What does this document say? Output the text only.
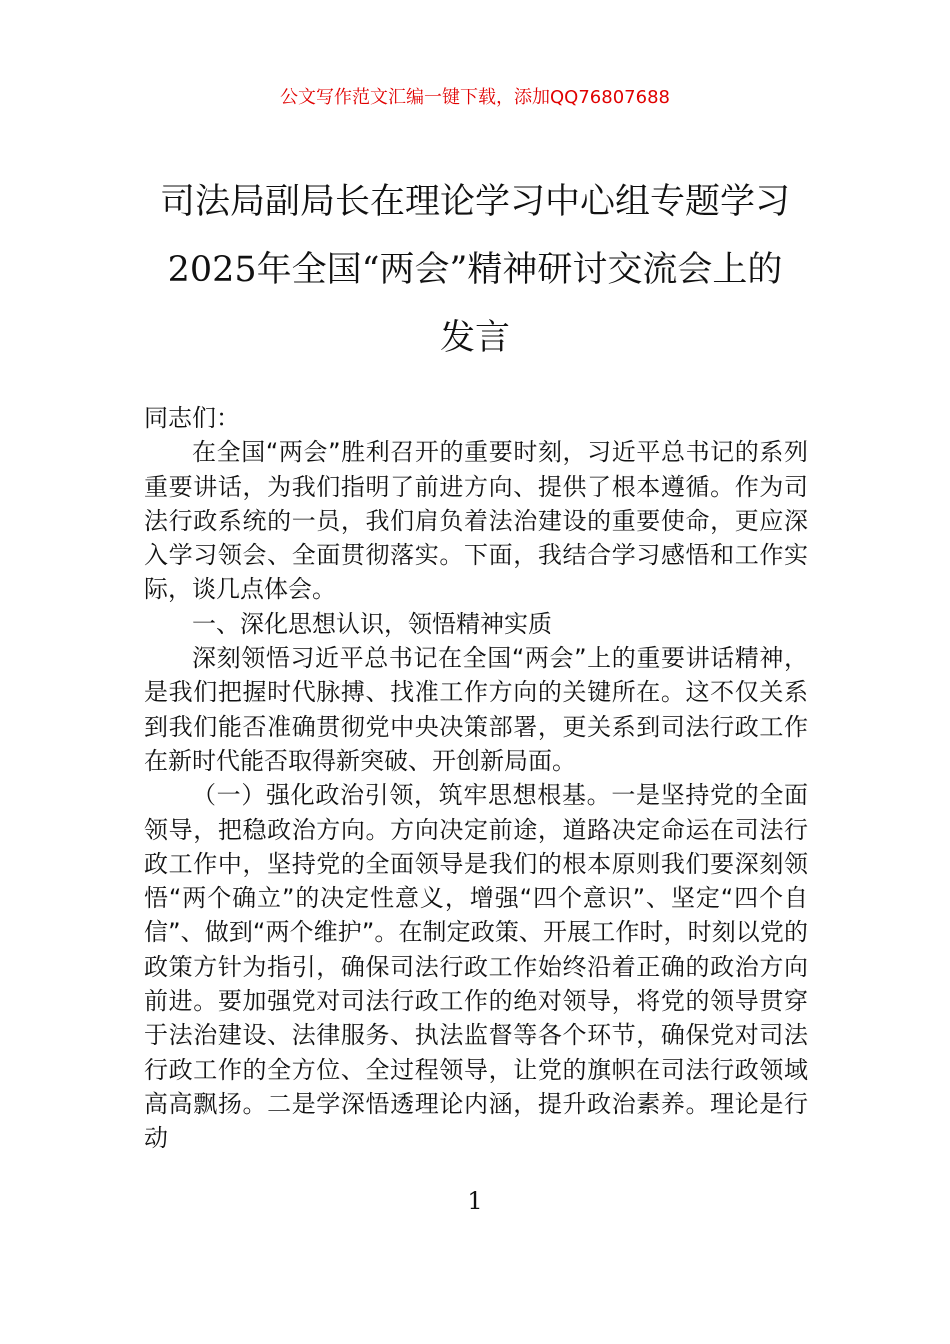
公文写作范文汇编一键下载，添加QQ76807688
司法局副局长在理论学习中心组专题学习
2025年全国“两会”精神研讨交流会上的
发言

同志们：

在全国“两会”胜利召开的重要时刻，习近平总书记的系列重要讲话，为我们指明了前进方向、提供了根本遵循。作为司法行政系统的一员，我们肩负着法治建设的重要使命，更应深入学习领会、全面贯彻落实。下面，我结合学习感悟和工作实际，谈几点体会。

一、深化思想认识，领悟精神实质

深刻领悟习近平总书记在全国“两会”上的重要讲话精神，是我们把握时代脉搏、找准工作方向的关键所在。这不仅关系到我们能否准确贯彻党中央决策部署，更关系到司法行政工作在新时代能否取得新突破、开创新局面。

（一）强化政治引领，筑牢思想根基。一是坚持党的全面领导，把稳政治方向。方向决定前途，道路决定命运在司法行政工作中，坚持党的全面领导是我们的根本原则我们要深刻领悟“两个确立”的决定性意义，增强“四个意识”、坚定“四个自信”、做到“两个维护”。在制定政策、开展工作时，时刻以党的政策方针为指引，确保司法行政工作始终沿着正确的政治方向前进。要加强党对司法行政工作的绝对领导，将党的领导贯穿于法治建设、法律服务、执法监督等各个环节，确保党对司法行政工作的全方位、全过程领导，让党的旗帜在司法行政领域高高飘扬。二是学深悟透理论内涵，提升政治素养。理论是行动

1
